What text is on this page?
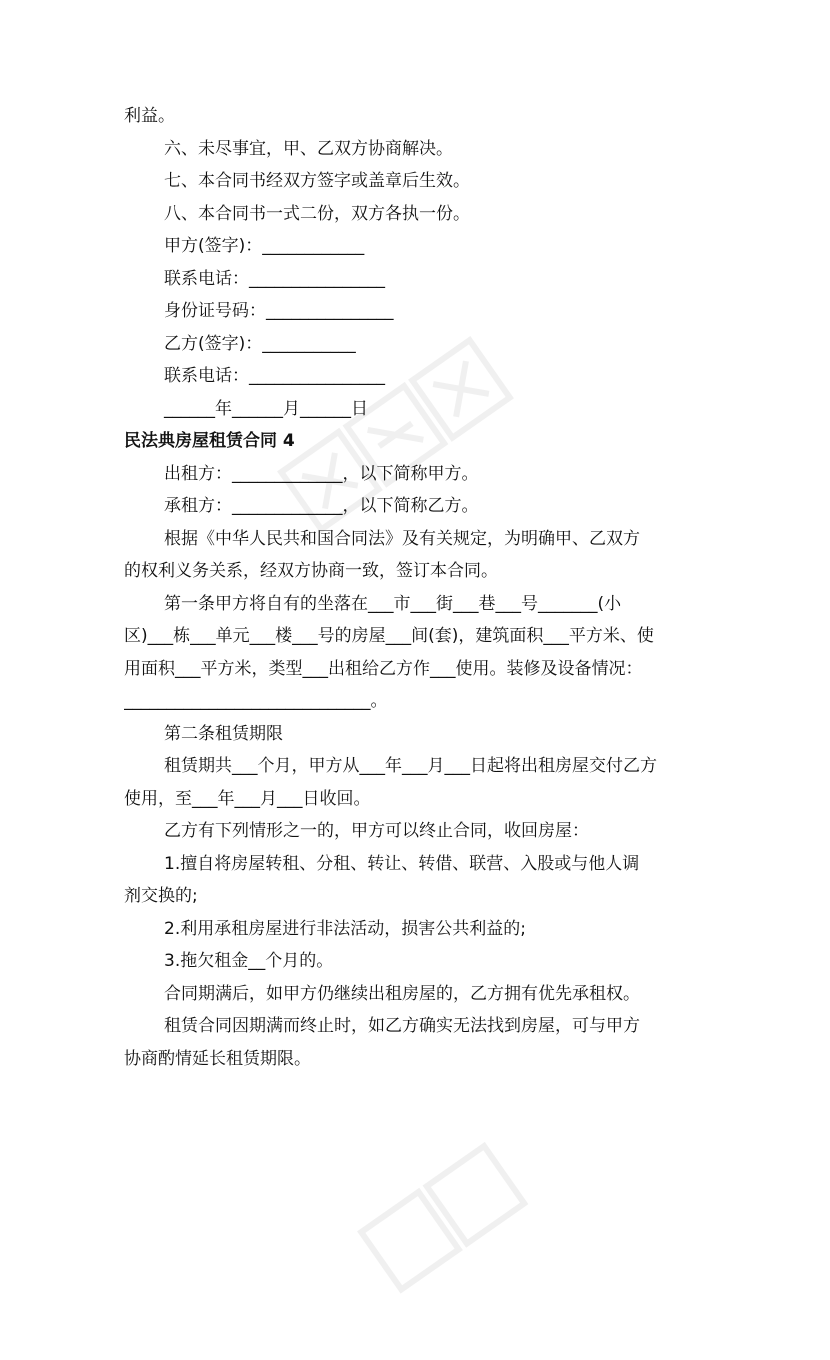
利益。
六、未尽事宜，甲、乙双方协商解决。
七、本合同书经双方签字或盖章后生效。
八、本合同书一式二份，双方各执一份。
甲方(签字)：____________
联系电话：________________
身份证号码：_______________
乙方(签字)：___________
联系电话：________________
______年______月______日
民法典房屋租赁合同 4
出租方：_____________，以下简称甲方。
承租方：_____________，以下简称乙方。
根据《中华人民共和国合同法》及有关规定，为明确甲、乙双方
的权利义务关系，经双方协商一致，签订本合同。
第一条甲方将自有的坐落在___市___街___巷___号_______(小
区)___栋___单元___楼___号的房屋___间(套)，建筑面积___平方米、使
用面积___平方米，类型___出租给乙方作___使用。装修及设备情况：
_____________________________。
第二条租赁期限
租赁期共___个月，甲方从___年___月___日起将出租房屋交付乙方
使用，至___年___月___日收回。
乙方有下列情形之一的，甲方可以终止合同，收回房屋：
1.擅自将房屋转租、分租、转让、转借、联营、入股或与他人调
剂交换的;
2.利用承租房屋进行非法活动，损害公共利益的;
3.拖欠租金__个月的。
合同期满后，如甲方仍继续出租房屋的，乙方拥有优先承租权。
租赁合同因期满而终止时，如乙方确实无法找到房屋，可与甲方
协商酌情延长租赁期限。
